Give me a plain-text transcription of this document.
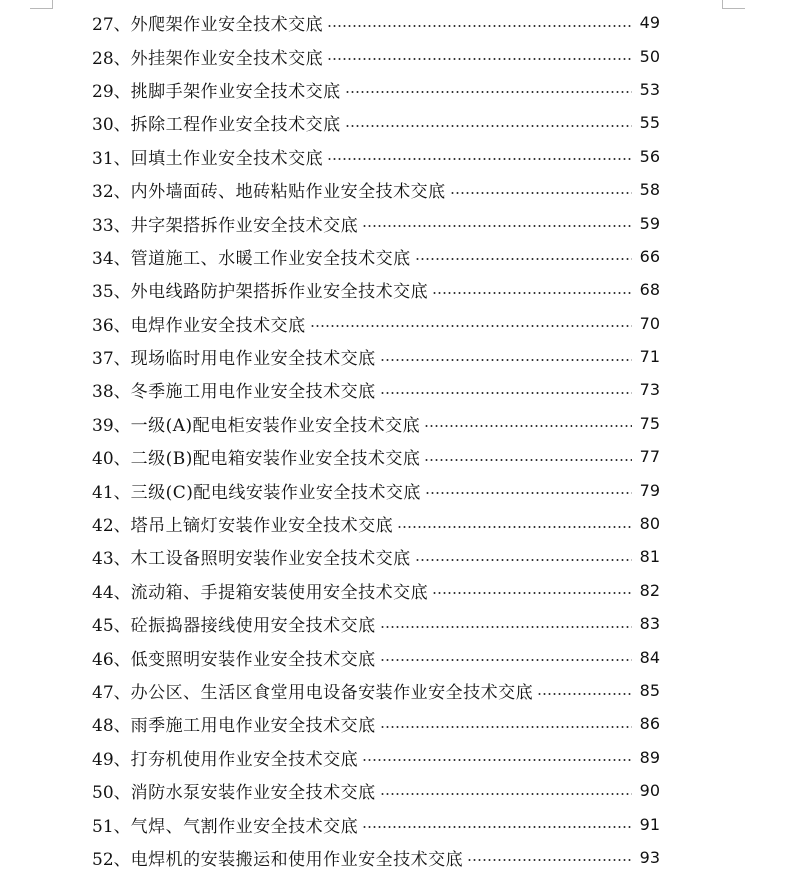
27、 外爬架作业安全技术交底	49
28、 外挂架作业安全技术交底	50
29、 挑脚手架作业安全技术交底	53
30、 拆除工程作业安全技术交底	55
31、 回填土作业安全技术交底	56
32、 内外墙面砖、地砖粘贴作业安全技术交底	58
33、 井字架搭拆作业安全技术交底	59
34、 管道施工、水暖工作业安全技术交底	66
35、 外电线路防护架搭拆作业安全技术交底	68
36、 电焊作业安全技术交底	70
37、 现场临时用电作业安全技术交底	71
38、 冬季施工用电作业安全技术交底	73
39、 一级(A)配电柜安装作业安全技术交底	75
40、 二级(B)配电箱安装作业安全技术交底	77
41、 三级(C)配电线安装作业安全技术交底	79
42、 塔吊上镝灯安装作业安全技术交底	80
43、 木工设备照明安装作业安全技术交底	81
44、 流动箱、手提箱安装使用安全技术交底	82
45、 砼振捣器接线使用安全技术交底	83
46、 低变照明安装作业安全技术交底	84
47、 办公区、生活区食堂用电设备安装作业安全技术交底	85
48、 雨季施工用电作业安全技术交底	86
49、 打夯机使用作业安全技术交底	89
50、 消防水泵安装作业安全技术交底	90
51、 气焊、气割作业安全技术交底	91
52、 电焊机的安装搬运和使用作业安全技术交底	93
